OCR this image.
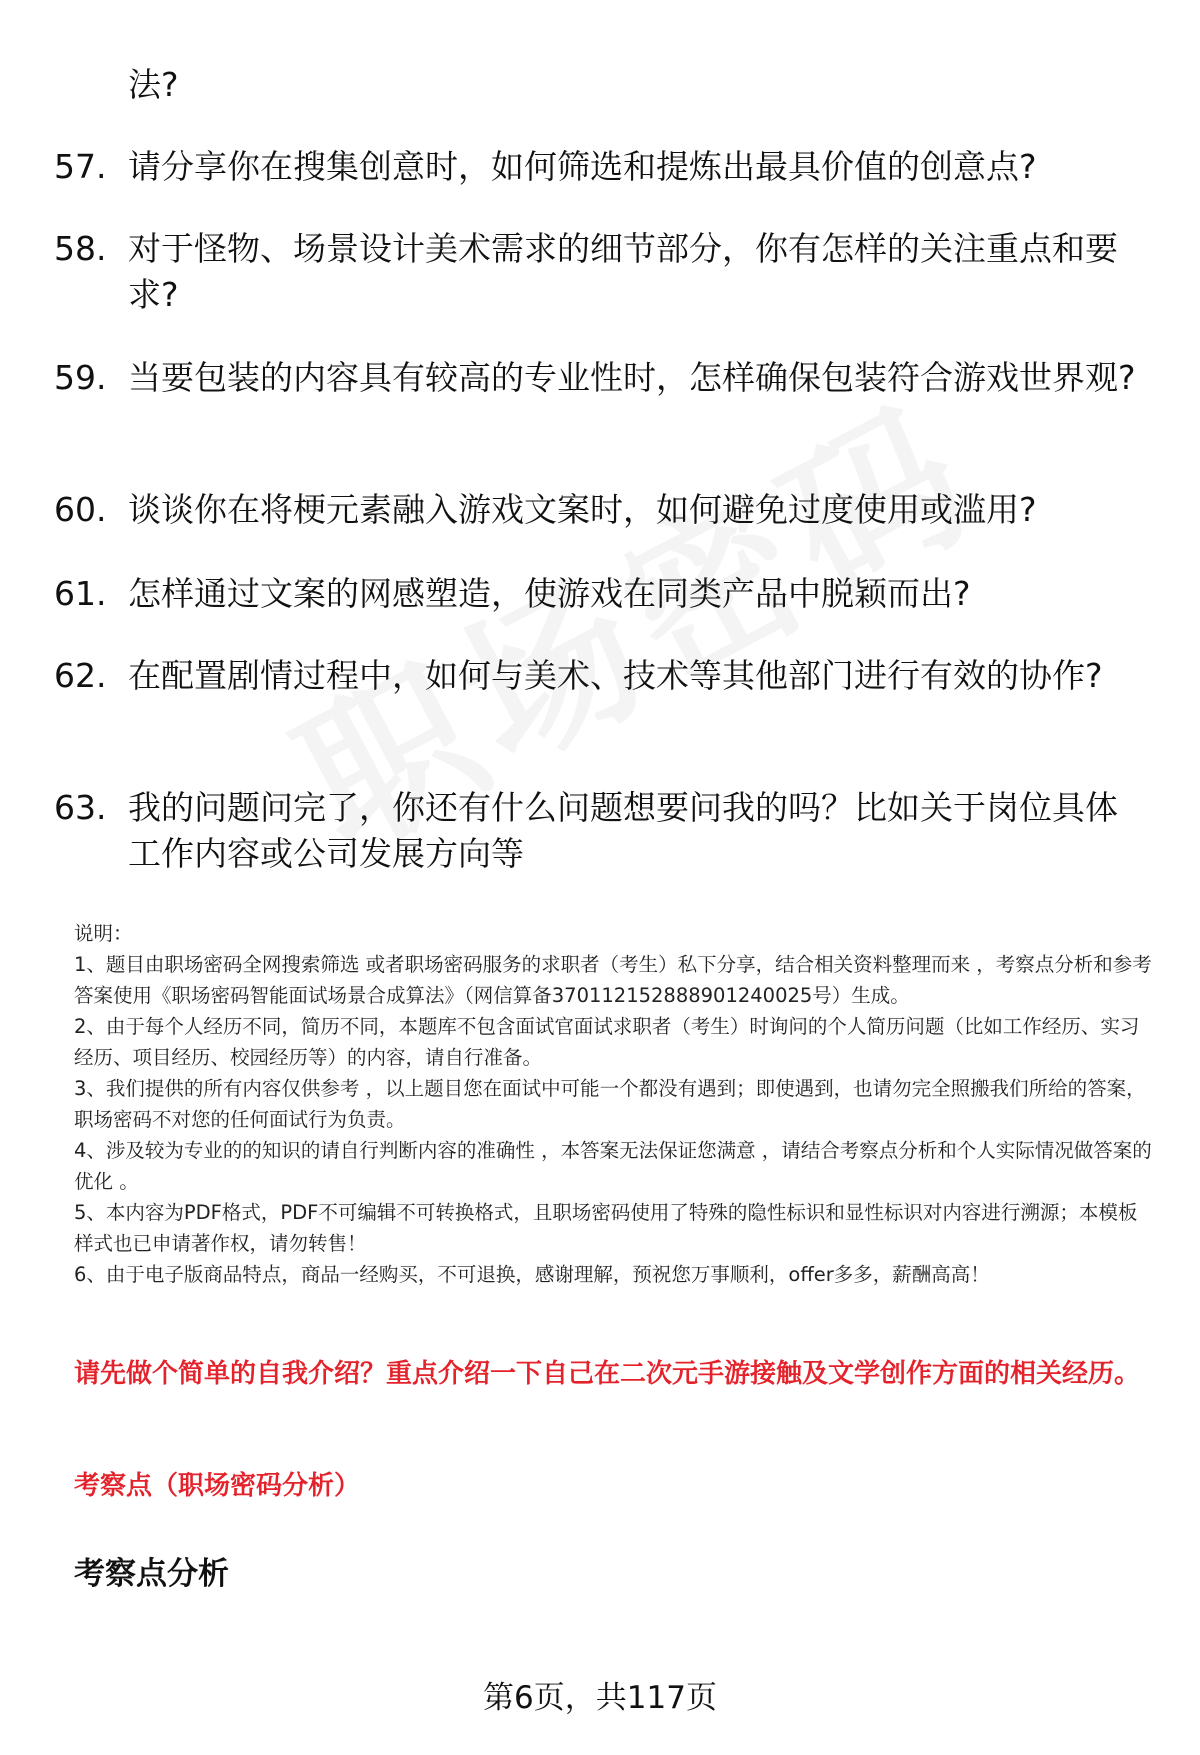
法?
57. 请分享你在搜集创意时，如何筛选和提炼出最具价值的创意点?
58. 对于怪物、场景设计美术需求的细节部分，你有怎样的关注重点和要求?
59. 当要包装的内容具有较高的专业性时，怎样确保包装符合游戏世界观?
60. 谈谈你在将梗元素融入游戏文案时，如何避免过度使用或滥用?
61. 怎样通过文案的网感塑造，使游戏在同类产品中脱颖而出?
62. 在配置剧情过程中，如何与美术、技术等其他部门进行有效的协作?
63. 我的问题问完了，你还有什么问题想要问我的吗？比如关于岗位具体工作内容或公司发展方向等
说明：
1、题目由职场密码全网搜索筛选 或者职场密码服务的求职者（考生）私下分享，结合相关资料整理而来 ，考察点分析和参考答案使用《职场密码智能面试场景合成算法》（网信算备370112152888901240025号）生成。
2、由于每个人经历不同，简历不同，本题库不包含面试官面试求职者（考生）时询问的个人简历问题（比如工作经历、实习经历、项目经历、校园经历等）的内容，请自行准备。
3、我们提供的所有内容仅供参考 ，以上题目您在面试中可能一个都没有遇到；即使遇到，也请勿完全照搬我们所给的答案，职场密码不对您的任何面试行为负责。
4、涉及较为专业的的知识的请自行判断内容的准确性 ，本答案无法保证您满意 ，请结合考察点分析和个人实际情况做答案的优化 。
5、本内容为PDF格式，PDF不可编辑不可转换格式，且职场密码使用了特殊的隐性标识和显性标识对内容进行溯源；本模板样式也已申请著作权，请勿转售！
6、由于电子版商品特点，商品一经购买，不可退换，感谢理解，预祝您万事顺利，offer多多，薪酬高高！
请先做个简单的自我介绍？重点介绍一下自己在二次元手游接触及文学创作方面的相关经历。
考察点（职场密码分析）
考察点分析
第6页，共117页
